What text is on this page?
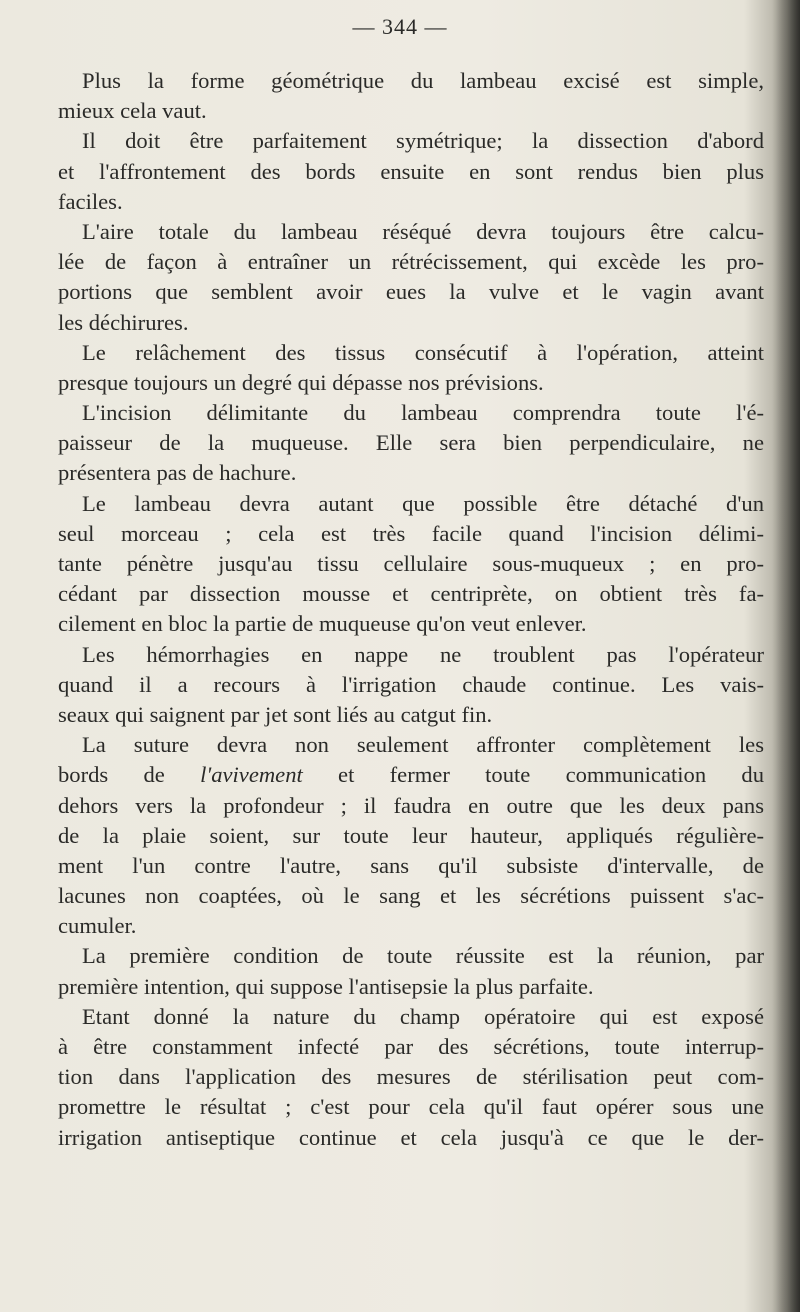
— 344 —
Plus la forme géométrique du lambeau excisé est simple,
mieux cela vaut.
Il doit être parfaitement symétrique; la dissection d'abord
et l'affrontement des bords ensuite en sont rendus bien plus
faciles.
L'aire totale du lambeau réséqué devra toujours être calcu-
lée de façon à entraîner un rétrécissement, qui excède les pro-
portions que semblent avoir eues la vulve et le vagin avant
les déchirures.
Le relâchement des tissus consécutif à l'opération, atteint
presque toujours un degré qui dépasse nos prévisions.
L'incision délimitante du lambeau comprendra toute l'é-
paisseur de la muqueuse. Elle sera bien perpendiculaire, ne
présentera pas de hachure.
Le lambeau devra autant que possible être détaché d'un
seul morceau ; cela est très facile quand l'incision délimi-
tante pénètre jusqu'au tissu cellulaire sous-muqueux ; en pro-
cédant par dissection mousse et centriprète, on obtient très fa-
cilement en bloc la partie de muqueuse qu'on veut enlever.
Les hémorrhagies en nappe ne troublent pas l'opérateur
quand il a recours à l'irrigation chaude continue. Les vais-
seaux qui saignent par jet sont liés au catgut fin.
La suture devra non seulement affronter complètement les
bords de l'avivement et fermer toute communication du
dehors vers la profondeur ; il faudra en outre que les deux pans
de la plaie soient, sur toute leur hauteur, appliqués régulière-
ment l'un contre l'autre, sans qu'il subsiste d'intervalle, de
lacunes non coaptées, où le sang et les sécrétions puissent s'ac-
cumuler.
La première condition de toute réussite est la réunion, par
première intention, qui suppose l'antisepsie la plus parfaite.
Etant donné la nature du champ opératoire qui est exposé
à être constamment infecté par des sécrétions, toute interrup-
tion dans l'application des mesures de stérilisation peut com-
promettre le résultat ; c'est pour cela qu'il faut opérer sous une
irrigation antiseptique continue et cela jusqu'à ce que le der-
